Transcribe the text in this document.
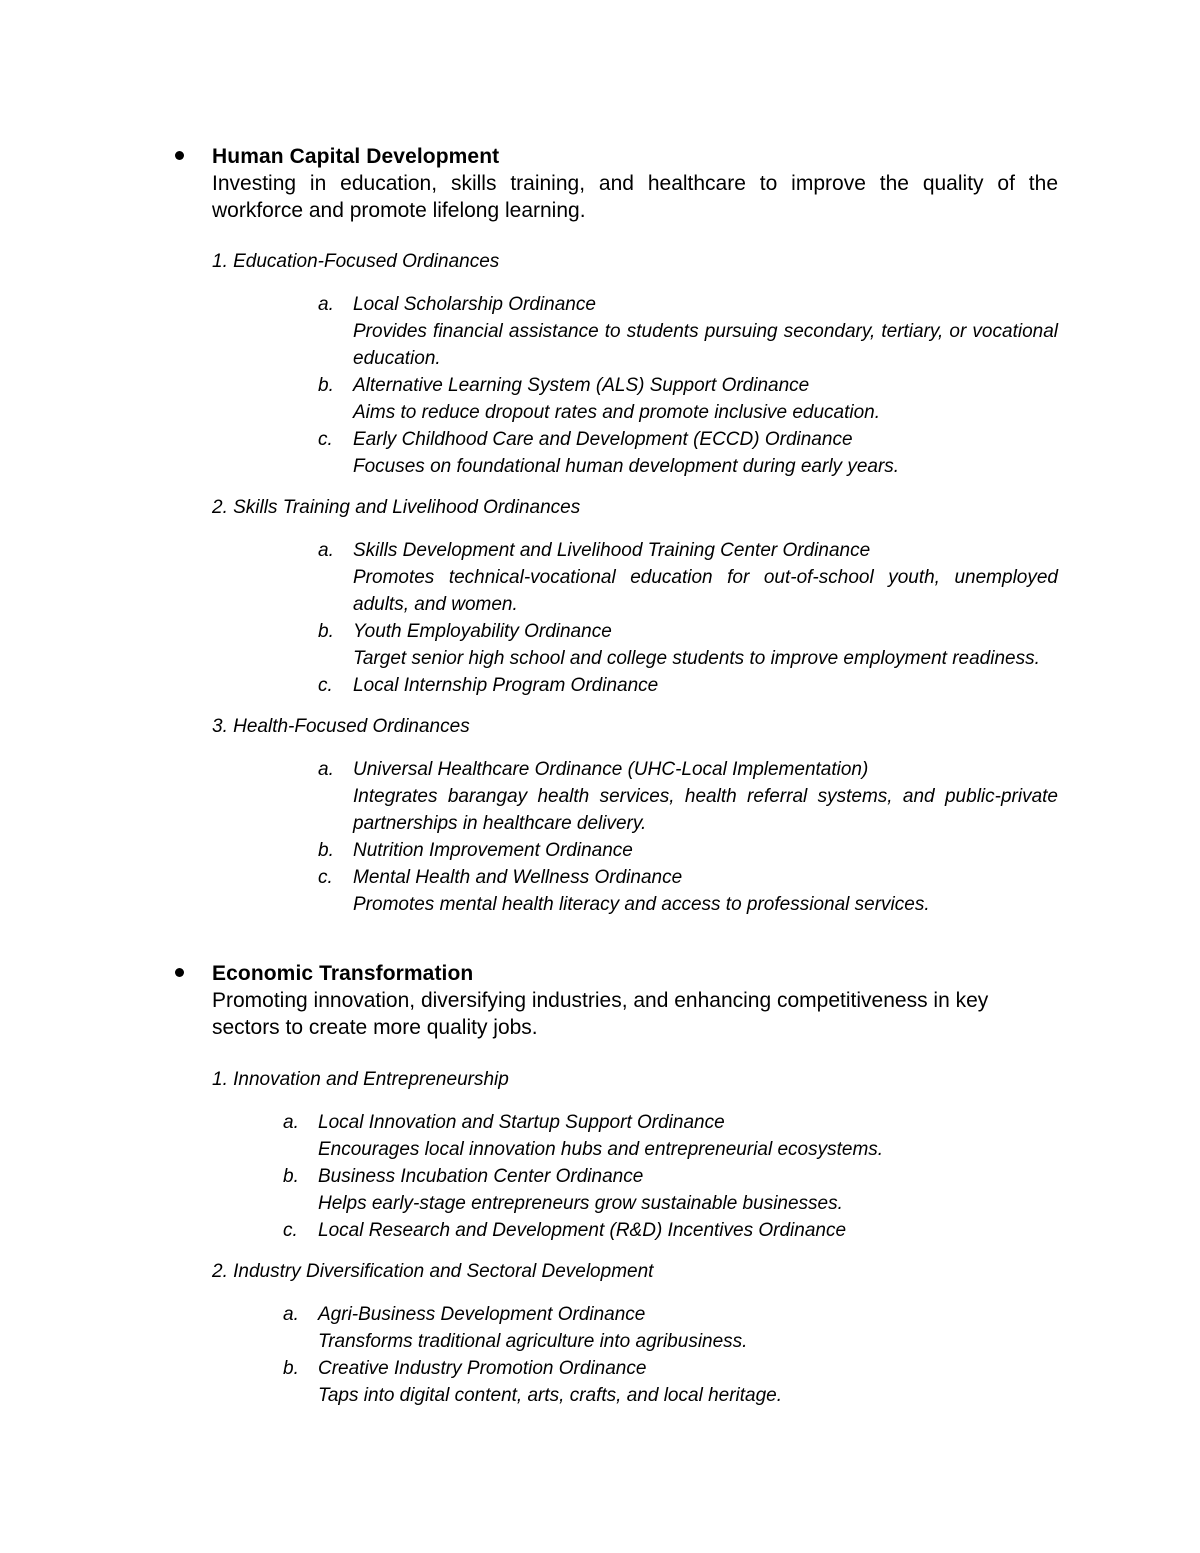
Human Capital Development

Investing in education, skills training, and healthcare to improve the quality of the workforce and promote lifelong learning.

1. Education-Focused Ordinances

a. Local Scholarship Ordinance
Provides financial assistance to students pursuing secondary, tertiary, or vocational education.
b. Alternative Learning System (ALS) Support Ordinance
Aims to reduce dropout rates and promote inclusive education.
c. Early Childhood Care and Development (ECCD) Ordinance
Focuses on foundational human development during early years.

2. Skills Training and Livelihood Ordinances

a. Skills Development and Livelihood Training Center Ordinance
Promotes technical-vocational education for out-of-school youth, unemployed adults, and women.
b. Youth Employability Ordinance
Target senior high school and college students to improve employment readiness.
c. Local Internship Program Ordinance

3. Health-Focused Ordinances

a. Universal Healthcare Ordinance (UHC-Local Implementation)
Integrates barangay health services, health referral systems, and public-private partnerships in healthcare delivery.
b. Nutrition Improvement Ordinance
c. Mental Health and Wellness Ordinance
Promotes mental health literacy and access to professional services.

Economic Transformation

Promoting innovation, diversifying industries, and enhancing competitiveness in key sectors to create more quality jobs.

1. Innovation and Entrepreneurship

a. Local Innovation and Startup Support Ordinance
Encourages local innovation hubs and entrepreneurial ecosystems.
b. Business Incubation Center Ordinance
Helps early-stage entrepreneurs grow sustainable businesses.
c. Local Research and Development (R&D) Incentives Ordinance

2. Industry Diversification and Sectoral Development

a. Agri-Business Development Ordinance
Transforms traditional agriculture into agribusiness.
b. Creative Industry Promotion Ordinance
Taps into digital content, arts, crafts, and local heritage.
